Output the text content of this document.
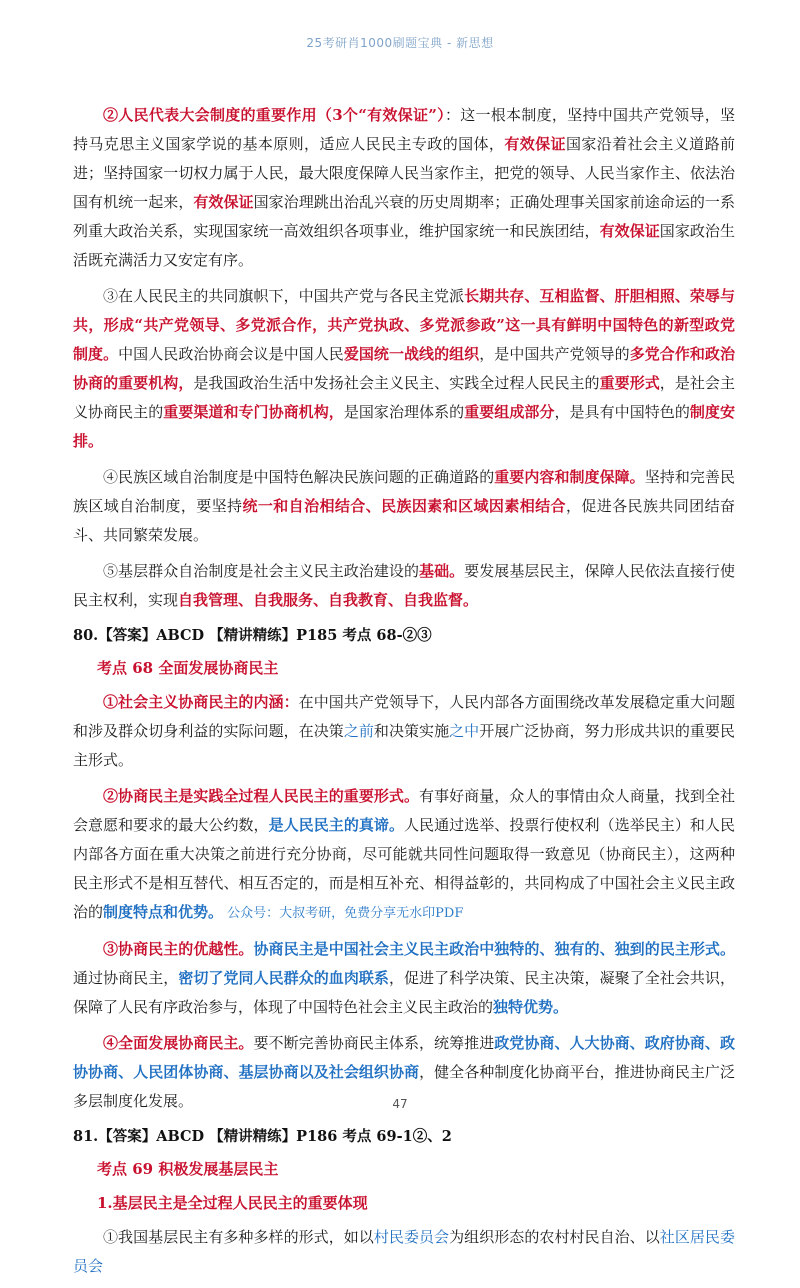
25考研肖1000刷题宝典 - 新思想

②人民代表大会制度的重要作用（3个“有效保证”）：这一根本制度，坚持中国共产党领导，坚持马克思主义国家学说的基本原则，适应人民民主专政的国体，有效保证国家沿着社会主义道路前进；坚持国家一切权力属于人民，最大限度保障人民当家作主，把党的领导、人民当家作主、依法治国有机统一起来，有效保证国家治理跳出治乱兴衰的历史周期率；正确处理事关国家前途命运的一系列重大政治关系，实现国家统一高效组织各项事业，维护国家统一和民族团结，有效保证国家政治生活既充满活力又安定有序。

③在人民民主的共同旗帜下，中国共产党与各民主党派长期共存、互相监督、肝胆相照、荣辱与共，形成“共产党领导、多党派合作，共产党执政、多党派参政”这一具有鲜明中国特色的新型政党制度。中国人民政治协商会议是中国人民爱国统一战线的组织，是中国共产党领导的多党合作和政治协商的重要机构，是我国政治生活中发扬社会主义民主、实践全过程人民民主的重要形式，是社会主义协商民主的重要渠道和专门协商机构，是国家治理体系的重要组成部分，是具有中国特色的制度安排。

④民族区域自治制度是中国特色解决民族问题的正确道路的重要内容和制度保障。坚持和完善民族区域自治制度，要坚持统一和自治相结合、民族因素和区域因素相结合，促进各民族共同团结奋斗、共同繁荣发展。

⑤基层群众自治制度是社会主义民主政治建设的基础。要发展基层民主，保障人民依法直接行使民主权利，实现自我管理、自我服务、自我教育、自我监督。

80.【答案】ABCD 【精讲精练】P185 考点 68-②③
考点 68 全面发展协商民主

①社会主义协商民主的内涵：在中国共产党领导下，人民内部各方面围绕改革发展稳定重大问题和涉及群众切身利益的实际问题，在决策之前和决策实施之中开展广泛协商，努力形成共识的重要民主形式。

②协商民主是实践全过程人民民主的重要形式。有事好商量，众人的事情由众人商量，找到全社会意愿和要求的最大公约数，是人民民主的真谛。人民通过选举、投票行使权利（选举民主）和人民内部各方面在重大决策之前进行充分协商，尽可能就共同性问题取得一致意见（协商民主），这两种民主形式不是相互替代、相互否定的，而是相互补充、相得益彰的，共同构成了中国社会主义民主政治的制度特点和优势。 公众号：大叔考研，免费分享无水印PDF

③协商民主的优越性。协商民主是中国社会主义民主政治中独特的、独有的、独到的民主形式。通过协商民主，密切了党同人民群众的血肉联系，促进了科学决策、民主决策，凝聚了全社会共识，保障了人民有序政治参与，体现了中国特色社会主义民主政治的独特优势。

④全面发展协商民主。要不断完善协商民主体系，统筹推进政党协商、人大协商、政府协商、政协协商、人民团体协商、基层协商以及社会组织协商，健全各种制度化协商平台，推进协商民主广泛多层制度化发展。

81.【答案】ABCD 【精讲精练】P186 考点 69-1②、2
考点 69 积极发展基层民主
1.基层民主是全过程人民民主的重要体现

①我国基层民主有多种多样的形式，如以村民委员会为组织形态的农村村民自治、以社区居民委员会

47
